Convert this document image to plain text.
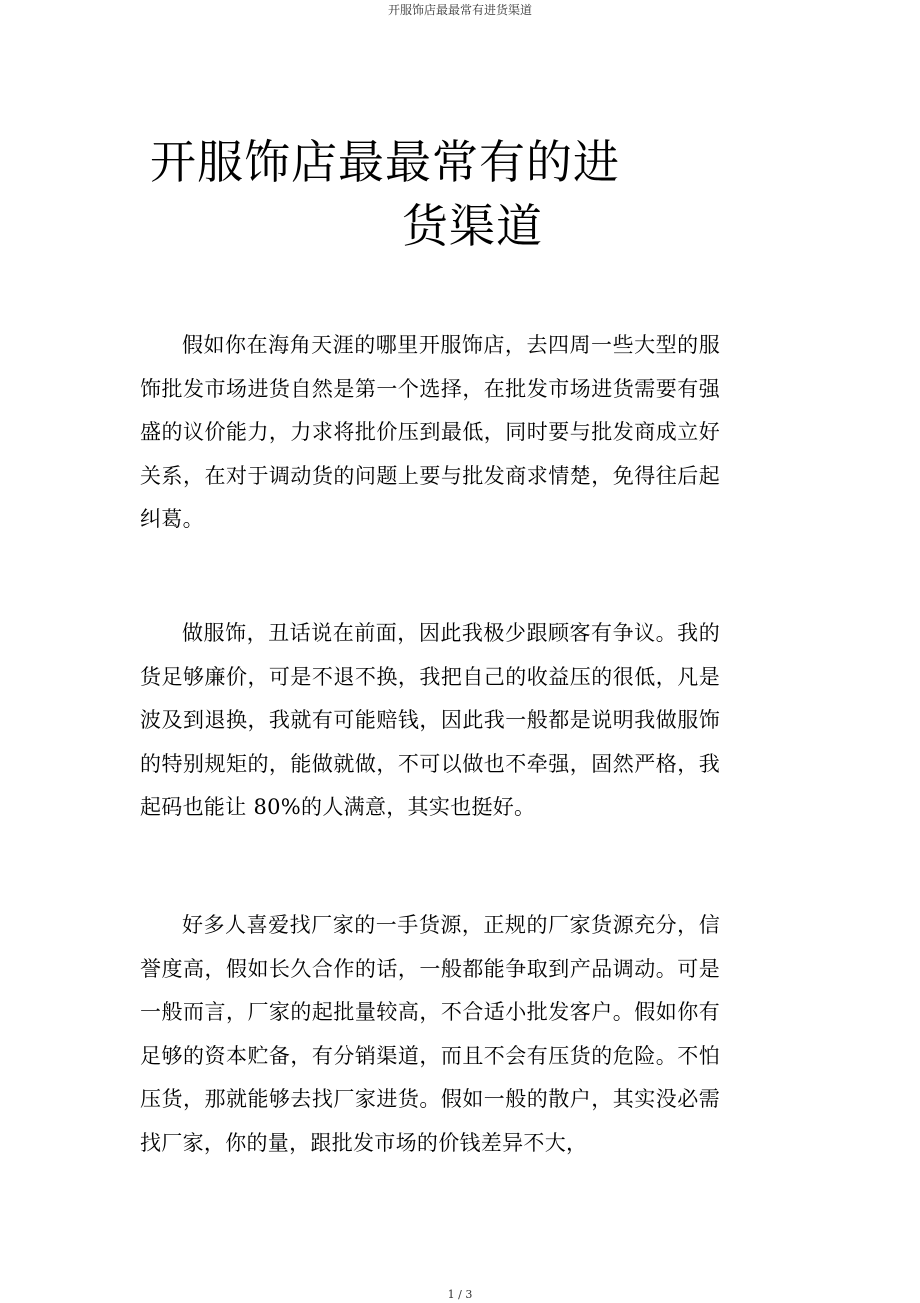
开服饰店最最常有进货渠道
开服饰店最最常有的进
货渠道

假如你在海角天涯的哪里开服饰店，去四周一些大型的服饰批发市场进货自然是第一个选择，在批发市场进货需要有强盛的议价能力，力求将批价压到最低，同时要与批发商成立好关系，在对于调动货的问题上要与批发商求情楚，免得往后起纠葛。

做服饰，丑话说在前面，因此我极少跟顾客有争议。我的货足够廉价，可是不退不换，我把自己的收益压的很低，凡是波及到退换，我就有可能赔钱，因此我一般都是说明我做服饰的特别规矩的，能做就做，不可以做也不牵强，固然严格，我起码也能让 80%的人满意，其实也挺好。

好多人喜爱找厂家的一手货源，正规的厂家货源充分，信誉度高，假如长久合作的话，一般都能争取到产品调动。可是一般而言，厂家的起批量较高，不合适小批发客户。假如你有足够的资本贮备，有分销渠道，而且不会有压货的危险。不怕压货，那就能够去找厂家进货。假如一般的散户，其实没必需找厂家，你的量，跟批发市场的价钱差异不大，

1 / 3
